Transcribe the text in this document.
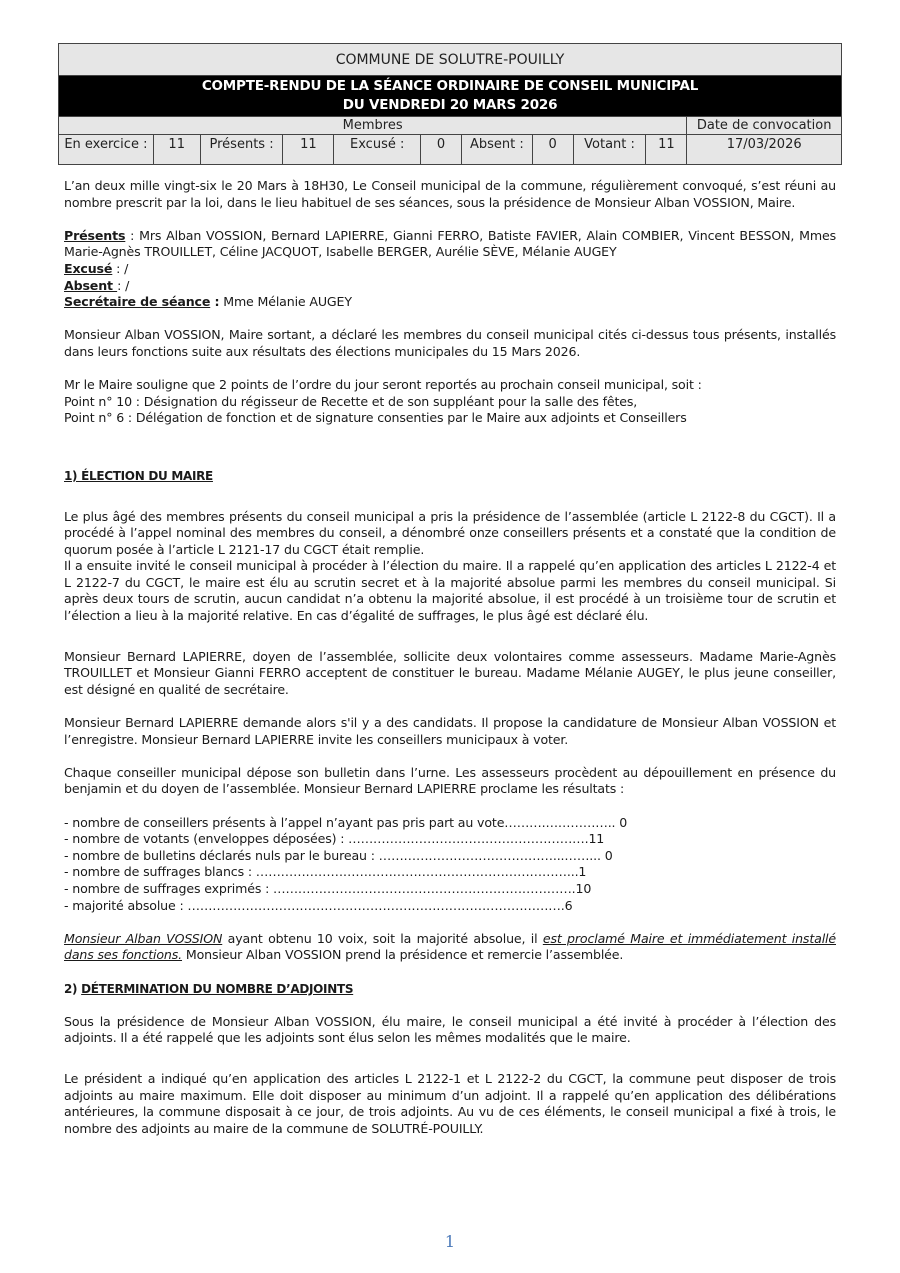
COMMUNE DE SOLUTRE-POUILLY										

COMPTE-RENDU DE LA SÉANCE ORDINAIRE DE CONSEIL MUNICIPAL
DU VENDREDI 20 MARS 2026										

Membres										Date de convocation
En exercice :	11	Présents :	11	Excusé :	0	Absent :	0	Votant :	11	17/03/2026

L’an deux mille vingt-six le 20 Mars à 18H30, Le Conseil municipal de la commune, régulièrement convoqué, s’est réuni au nombre prescrit par la loi, dans le lieu habituel de ses séances, sous la présidence de Monsieur Alban VOSSION, Maire.

Présents : Mrs Alban VOSSION, Bernard LAPIERRE, Gianni FERRO, Batiste FAVIER, Alain COMBIER, Vincent BESSON, Mmes Marie-Agnès TROUILLET, Céline JACQUOT, Isabelle BERGER, Aurélie SÈVE, Mélanie AUGEY

Excusé : /

Absent : /

Secrétaire de séance : Mme Mélanie AUGEY

Monsieur Alban VOSSION, Maire sortant, a déclaré les membres du conseil municipal cités ci-dessus tous présents, installés dans leurs fonctions suite aux résultats des élections municipales du 15 Mars 2026.

Mr le Maire souligne que 2 points de l’ordre du jour seront reportés au prochain conseil municipal, soit :

Point n° 10 : Désignation du régisseur de Recette et de son suppléant pour la salle des fêtes,

Point n° 6 : Délégation de fonction et de signature consenties par le Maire aux adjoints et Conseillers

1) ÉLECTION DU MAIRE

Le plus âgé des membres présents du conseil municipal a pris la présidence de l’assemblée (article L 2122-8 du CGCT). Il a procédé à l’appel nominal des membres du conseil, a dénombré onze conseillers présents et a constaté que la condition de quorum posée à l’article L 2121-17 du CGCT était remplie.

Il a ensuite invité le conseil municipal à procéder à l’élection du maire. Il a rappelé qu’en application des articles L 2122-4 et L 2122-7 du CGCT, le maire est élu au scrutin secret et à la majorité absolue parmi les membres du conseil municipal. Si après deux tours de scrutin, aucun candidat n’a obtenu la majorité absolue, il est procédé à un troisième tour de scrutin et l’élection a lieu à la majorité relative. En cas d’égalité de suffrages, le plus âgé est déclaré élu.

Monsieur Bernard LAPIERRE, doyen de l’assemblée, sollicite deux volontaires comme assesseurs. Madame Marie-Agnès TROUILLET et Monsieur Gianni FERRO acceptent de constituer le bureau. Madame Mélanie AUGEY, le plus jeune conseiller, est désigné en qualité de secrétaire.

Monsieur Bernard LAPIERRE demande alors s'il y a des candidats. Il propose la candidature de Monsieur Alban VOSSION et l’enregistre. Monsieur Bernard LAPIERRE invite les conseillers municipaux à voter.

Chaque conseiller municipal dépose son bulletin dans l’urne. Les assesseurs procèdent au dépouillement en présence du benjamin et du doyen de l’assemblée. Monsieur Bernard LAPIERRE proclame les résultats :

- nombre de conseillers présents à l’appel n’ayant pas pris part au vote……….…………….. 0

- nombre de votants (enveloppes déposées) : ………………………………………………….11

- nombre de bulletins déclarés nuls par le bureau : ……………………………………...……... 0

- nombre de suffrages blancs : …………………………………………………………………...1

- nombre de suffrages exprimés : ……………………………………………………………….10

- majorité absolue : ……………………………………………………………………………….6

Monsieur Alban VOSSION ayant obtenu 10 voix, soit la majorité absolue, il est proclamé Maire et immédiatement installé dans ses fonctions. Monsieur Alban VOSSION prend la présidence et remercie l’assemblée.

2) DÉTERMINATION DU NOMBRE D’ADJOINTS

Sous la présidence de Monsieur Alban VOSSION, élu maire, le conseil municipal a été invité à procéder à l’élection des adjoints. Il a été rappelé que les adjoints sont élus selon les mêmes modalités que le maire.

Le président a indiqué qu’en application des articles L 2122-1 et L 2122-2 du CGCT, la commune peut disposer de trois adjoints au maire maximum. Elle doit disposer au minimum d’un adjoint. Il a rappelé qu’en application des délibérations antérieures, la commune disposait à ce jour, de trois adjoints. Au vu de ces éléments, le conseil municipal a fixé à trois, le nombre des adjoints au maire de la commune de SOLUTRÉ-POUILLY.

1
